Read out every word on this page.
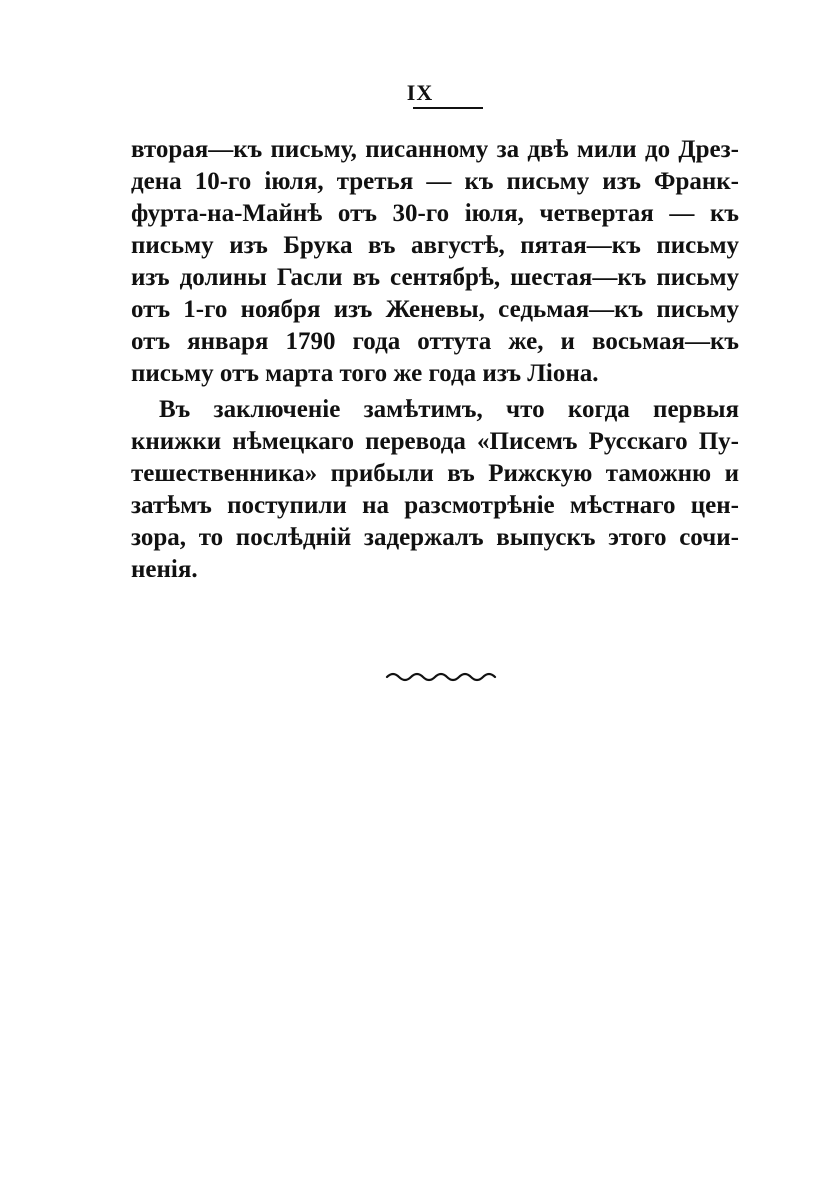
IX
вторая—къ письму, писанному за двѣ мили до Дрез-
дена 10-го іюля, третья — къ письму изъ Франк-
фурта-на-Майнѣ отъ 30-го іюля, четвертая — къ
письму изъ Брука въ августѣ, пятая—къ письму
изъ долины Гасли въ сентябрѣ, шестая—къ письму
отъ 1-го ноября изъ Женевы, седьмая—къ письму
отъ января 1790 года оттута же, и восьмая—къ
письму отъ марта того же года изъ Ліона.
Въ заключеніе замѣтимъ, что когда первыя
книжки нѣмецкаго перевода «Писемъ Русскаго Пу-
тешественника» прибыли въ Рижскую таможню и
затѣмъ поступили на разсмотрѣніе мѣстнаго цен-
зора, то послѣдній задержалъ выпускъ этого сочи-
ненія.
